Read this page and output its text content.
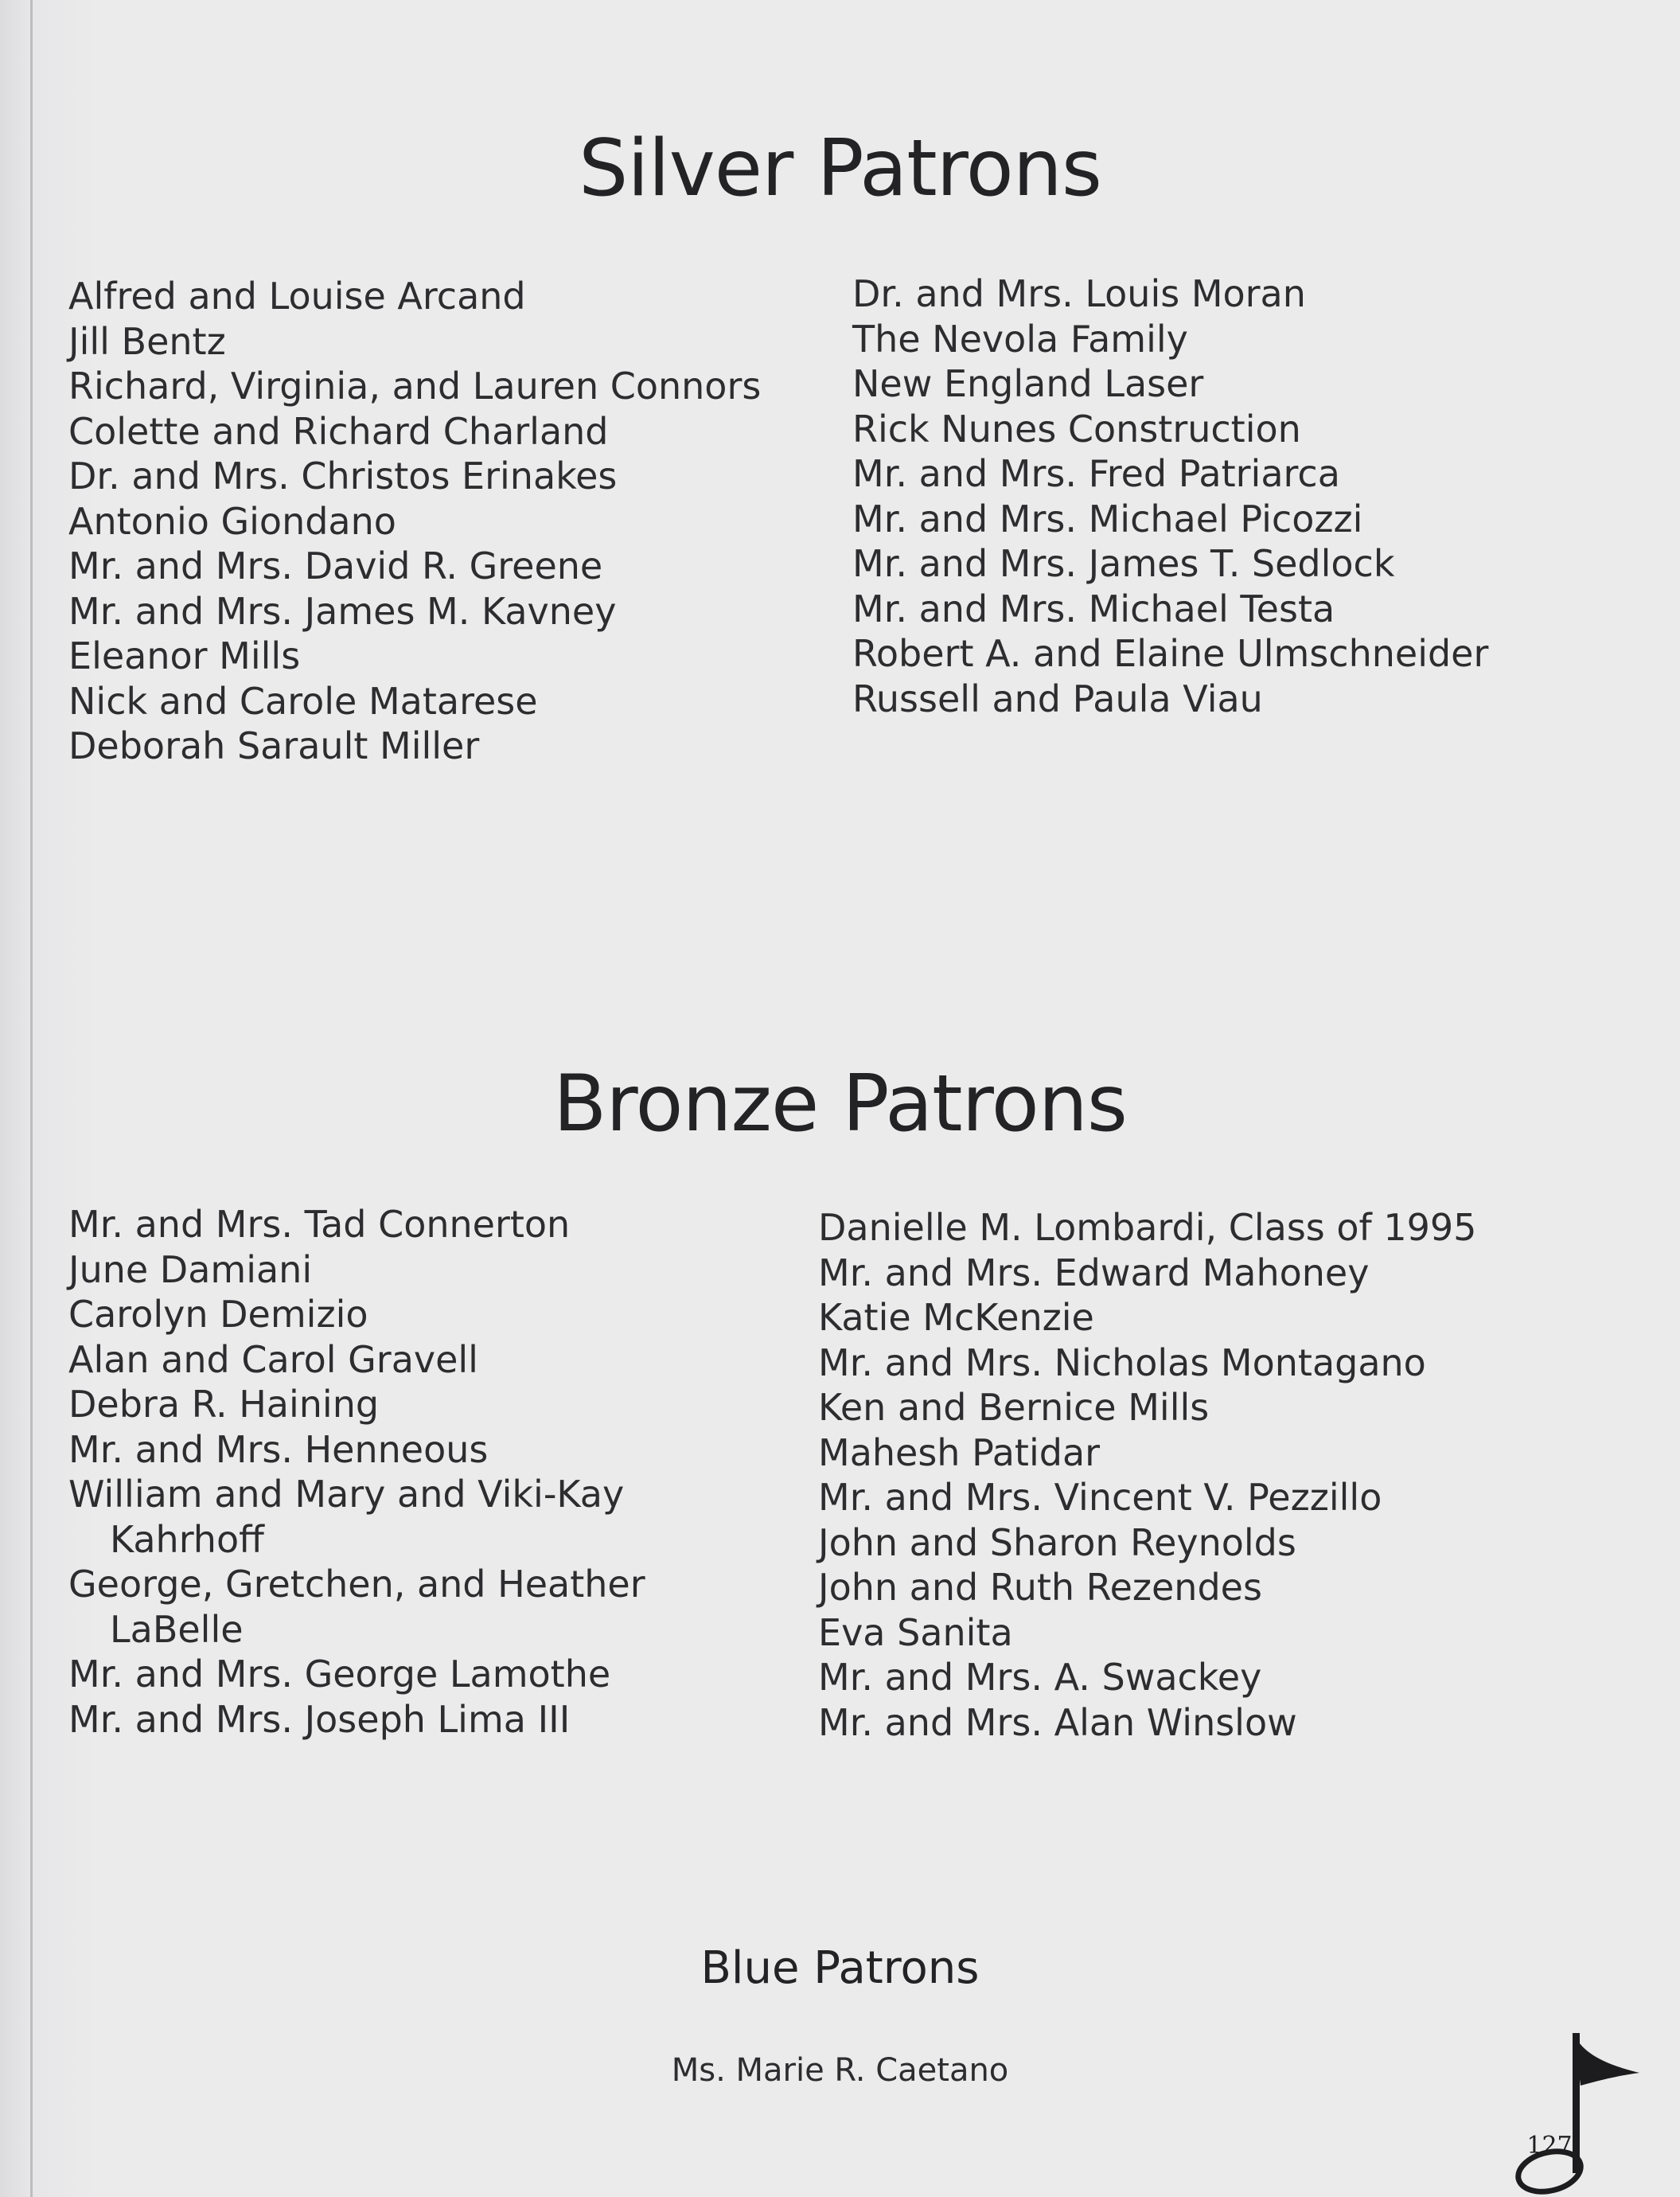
Silver Patrons
Alfred and Louise Arcand
Jill Bentz
Richard, Virginia, and Lauren Connors
Colette and Richard Charland
Dr. and Mrs. Christos Erinakes
Antonio Giondano
Mr. and Mrs. David R. Greene
Mr. and Mrs. James M. Kavney
Eleanor Mills
Nick and Carole Matarese
Deborah Sarault Miller
Dr. and Mrs. Louis Moran
The Nevola Family
New England Laser
Rick Nunes Construction
Mr. and Mrs. Fred Patriarca
Mr. and Mrs. Michael Picozzi
Mr. and Mrs. James T. Sedlock
Mr. and Mrs. Michael Testa
Robert A. and Elaine Ulmschneider
Russell and Paula Viau
Bronze Patrons
Mr. and Mrs. Tad Connerton
June Damiani
Carolyn Demizio
Alan and Carol Gravell
Debra R. Haining
Mr. and Mrs. Henneous
William and Mary and Viki-Kay
Kahrhoff
George, Gretchen, and Heather
LaBelle
Mr. and Mrs. George Lamothe
Mr. and Mrs. Joseph Lima III
Danielle M. Lombardi, Class of 1995
Mr. and Mrs. Edward Mahoney
Katie McKenzie
Mr. and Mrs. Nicholas Montagano
Ken and Bernice Mills
Mahesh Patidar
Mr. and Mrs. Vincent V. Pezzillo
John and Sharon Reynolds
John and Ruth Rezendes
Eva Sanita
Mr. and Mrs. A. Swackey
Mr. and Mrs. Alan Winslow
Blue Patrons
Ms. Marie R. Caetano
127
